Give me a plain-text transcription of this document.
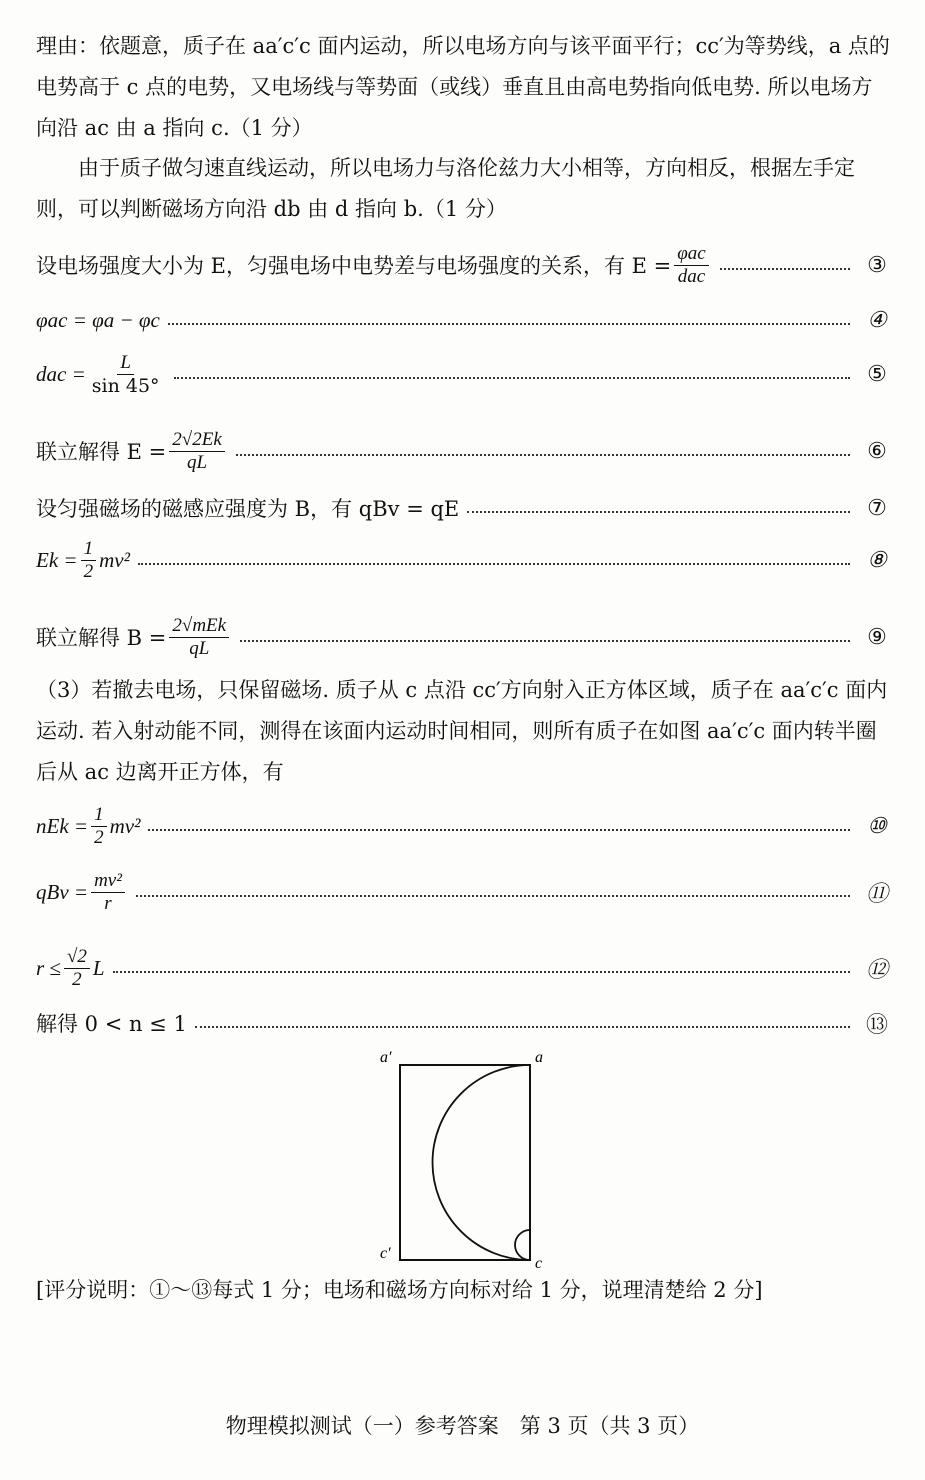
理由：依题意，质子在 aa′c′c 面内运动，所以电场方向与该平面平行；cc′为等势线，a 点的电势高于 c 点的电势，又电场线与等势面（或线）垂直且由高电势指向低电势. 所以电场方向沿 ac 由 a 指向 c.（1 分）

由于质子做匀速直线运动，所以电场力与洛伦兹力大小相等，方向相反，根据左手定则，可以判断磁场方向沿 db 由 d 指向 b.（1 分）

设电场强度大小为 E，匀强电场中电势差与电场强度的关系，有 $E = \frac{\text{φac}}{\text{dac}}$	③
φac = φa − φc	④
dac = $\frac{L}{\sin 45^\circ}$	⑤
联立解得 $E = \frac{2√2Ek}{qL}$	⑥
设匀强磁场的磁感应强度为 B，有 qBv = qE	⑦
$Ek = \frac{1}{2} mv^2$	⑧
联立解得 $B = \frac{\text{2√mEk}}{qL}$	⑨

（3）若撤去电场，只保留磁场. 质子从 c 点沿 cc′方向射入正方体区域，质子在 aa′c′c 面内运动. 若入射动能不同，测得在该面内运动时间相同，则所有质子在如图 aa′c′c 面内转半圈后从 ac 边离开正方体，有

nEk = $\frac{1}{2} mv^2$	⑩
qBv = $\frac{\text{mv²}}{r}$	⑪
$r \le \frac{√2}{2}$ L	⑫
解得 0 < n ≤ 1	⑬
a′	a
c′
c

[评分说明：①～⑬每式 1 分；电场和磁场方向标对给 1 分，说理清楚给 2 分]

物理模拟测试（一）参考答案　第 3 页（共 3 页）
